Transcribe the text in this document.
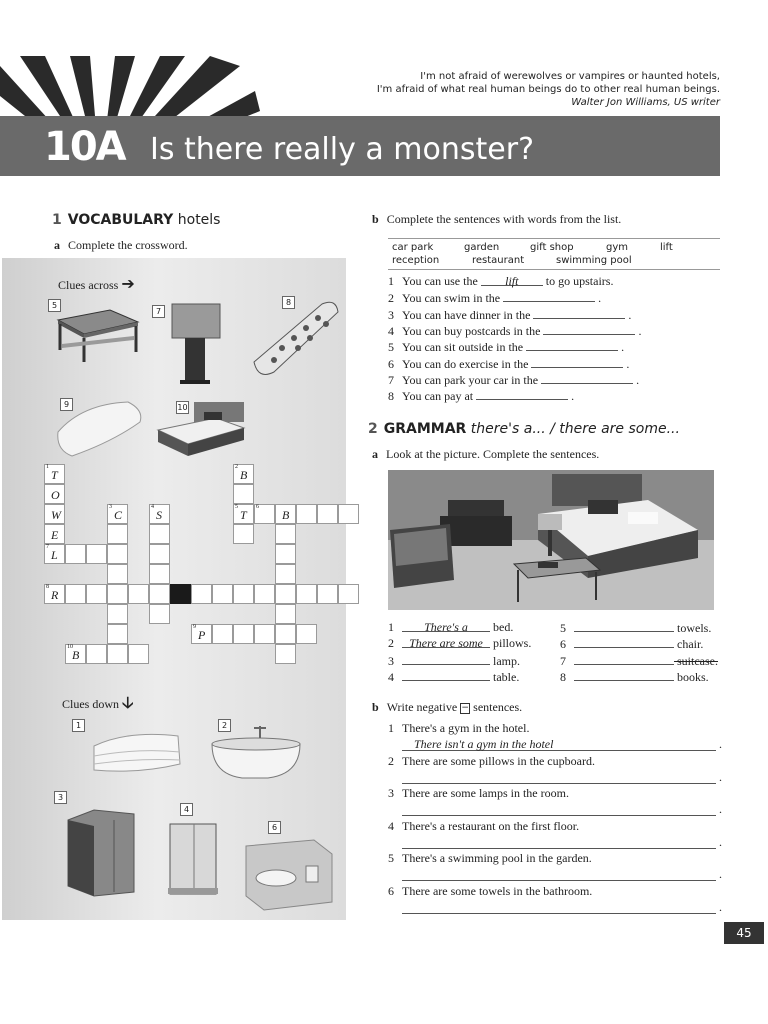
I'm not afraid of werewolves or vampires or haunted hotels,
I'm afraid of what real human beings do to other real human beings.
Walter Jon Williams, US writer
10A Is there really a monster?
1 VOCABULARY hotels
a Complete the crossword.
Clues across ➔
5
7
8
9	10
1
T
O
W
E
7
L
2
B
5
T
3
C
4
S
6
B
8
R
9
P
10
B
Clues down 🡣
1	2
3
4
6
b Complete the sentences with words from the list.
car park	garden	gift shop	gym	lift
reception	restaurant	swimming pool
1 You can use the lift to go upstairs.
2 You can swim in the	.
3 You can have dinner in the	.
4 You can buy postcards in the	.
5 You can sit outside in the	.
6 You can do exercise in the	.
7 You can park your car in the	.
8 You can pay at	.
2 GRAMMAR there's a... / there are some...
a Look at the picture. Complete the sentences.
1	There's a bed.
2 There are some pillows.
3	lamp.
4	table.
5	towels.
6	chair.
7	suitcase.
8	books.
b Write negative − sentences.
1 There's a gym in the hotel.
There isn't a gym in the hotel	.
2 There are some pillows in the cupboard.
.
3 There are some lamps in the room.
.
4 There's a restaurant on the first floor.
.
5 There's a swimming pool in the garden.
.
6 There are some towels in the bathroom.
.
45
